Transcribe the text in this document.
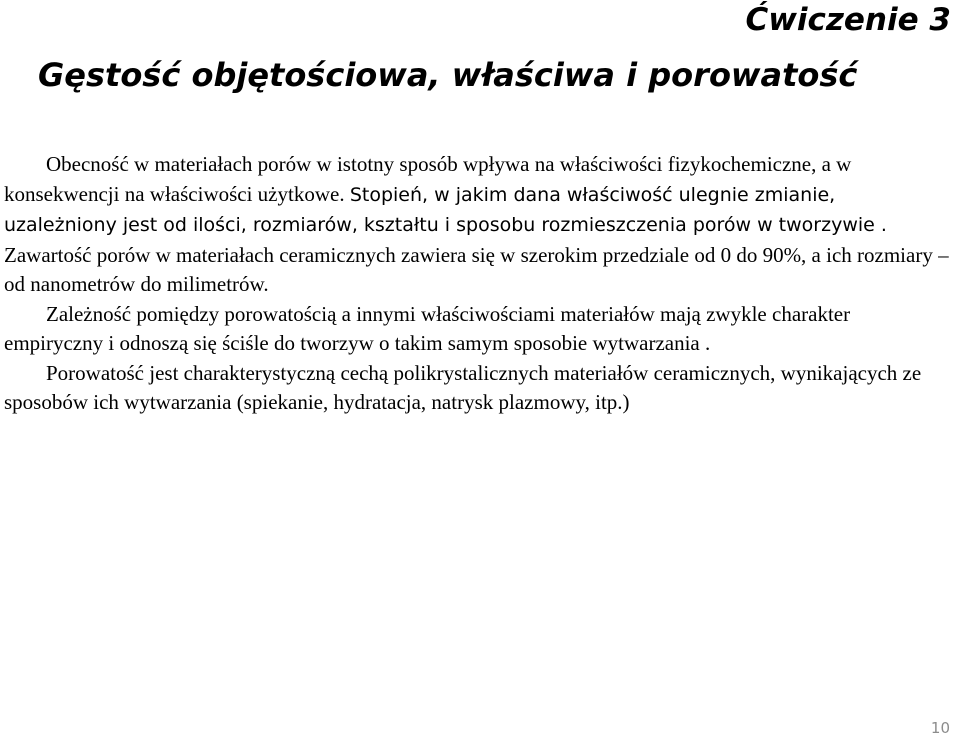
Ćwiczenie 3
Gęstość objętościowa, właściwa i porowatość

Obecność w materiałach porów w istotny sposób wpływa na właściwości fizykochemiczne, a w konsekwencji na właściwości użytkowe. Stopień, w jakim dana właściwość ulegnie zmianie, uzależniony jest od ilości, rozmiarów, kształtu i sposobu rozmieszczenia porów w tworzywie . Zawartość porów w materiałach ceramicznych zawiera się w szerokim przedziale od 0 do 90%, a ich rozmiary – od nanometrów do milimetrów.

Zależność pomiędzy porowatością a innymi właściwościami materiałów mają zwykle charakter empiryczny i odnoszą się ściśle do tworzyw o takim samym sposobie wytwarzania .

Porowatość jest charakterystyczną cechą polikrystalicznych materiałów ceramicznych, wynikających ze sposobów ich wytwarzania (spiekanie, hydratacja, natrysk plazmowy, itp.)

10
